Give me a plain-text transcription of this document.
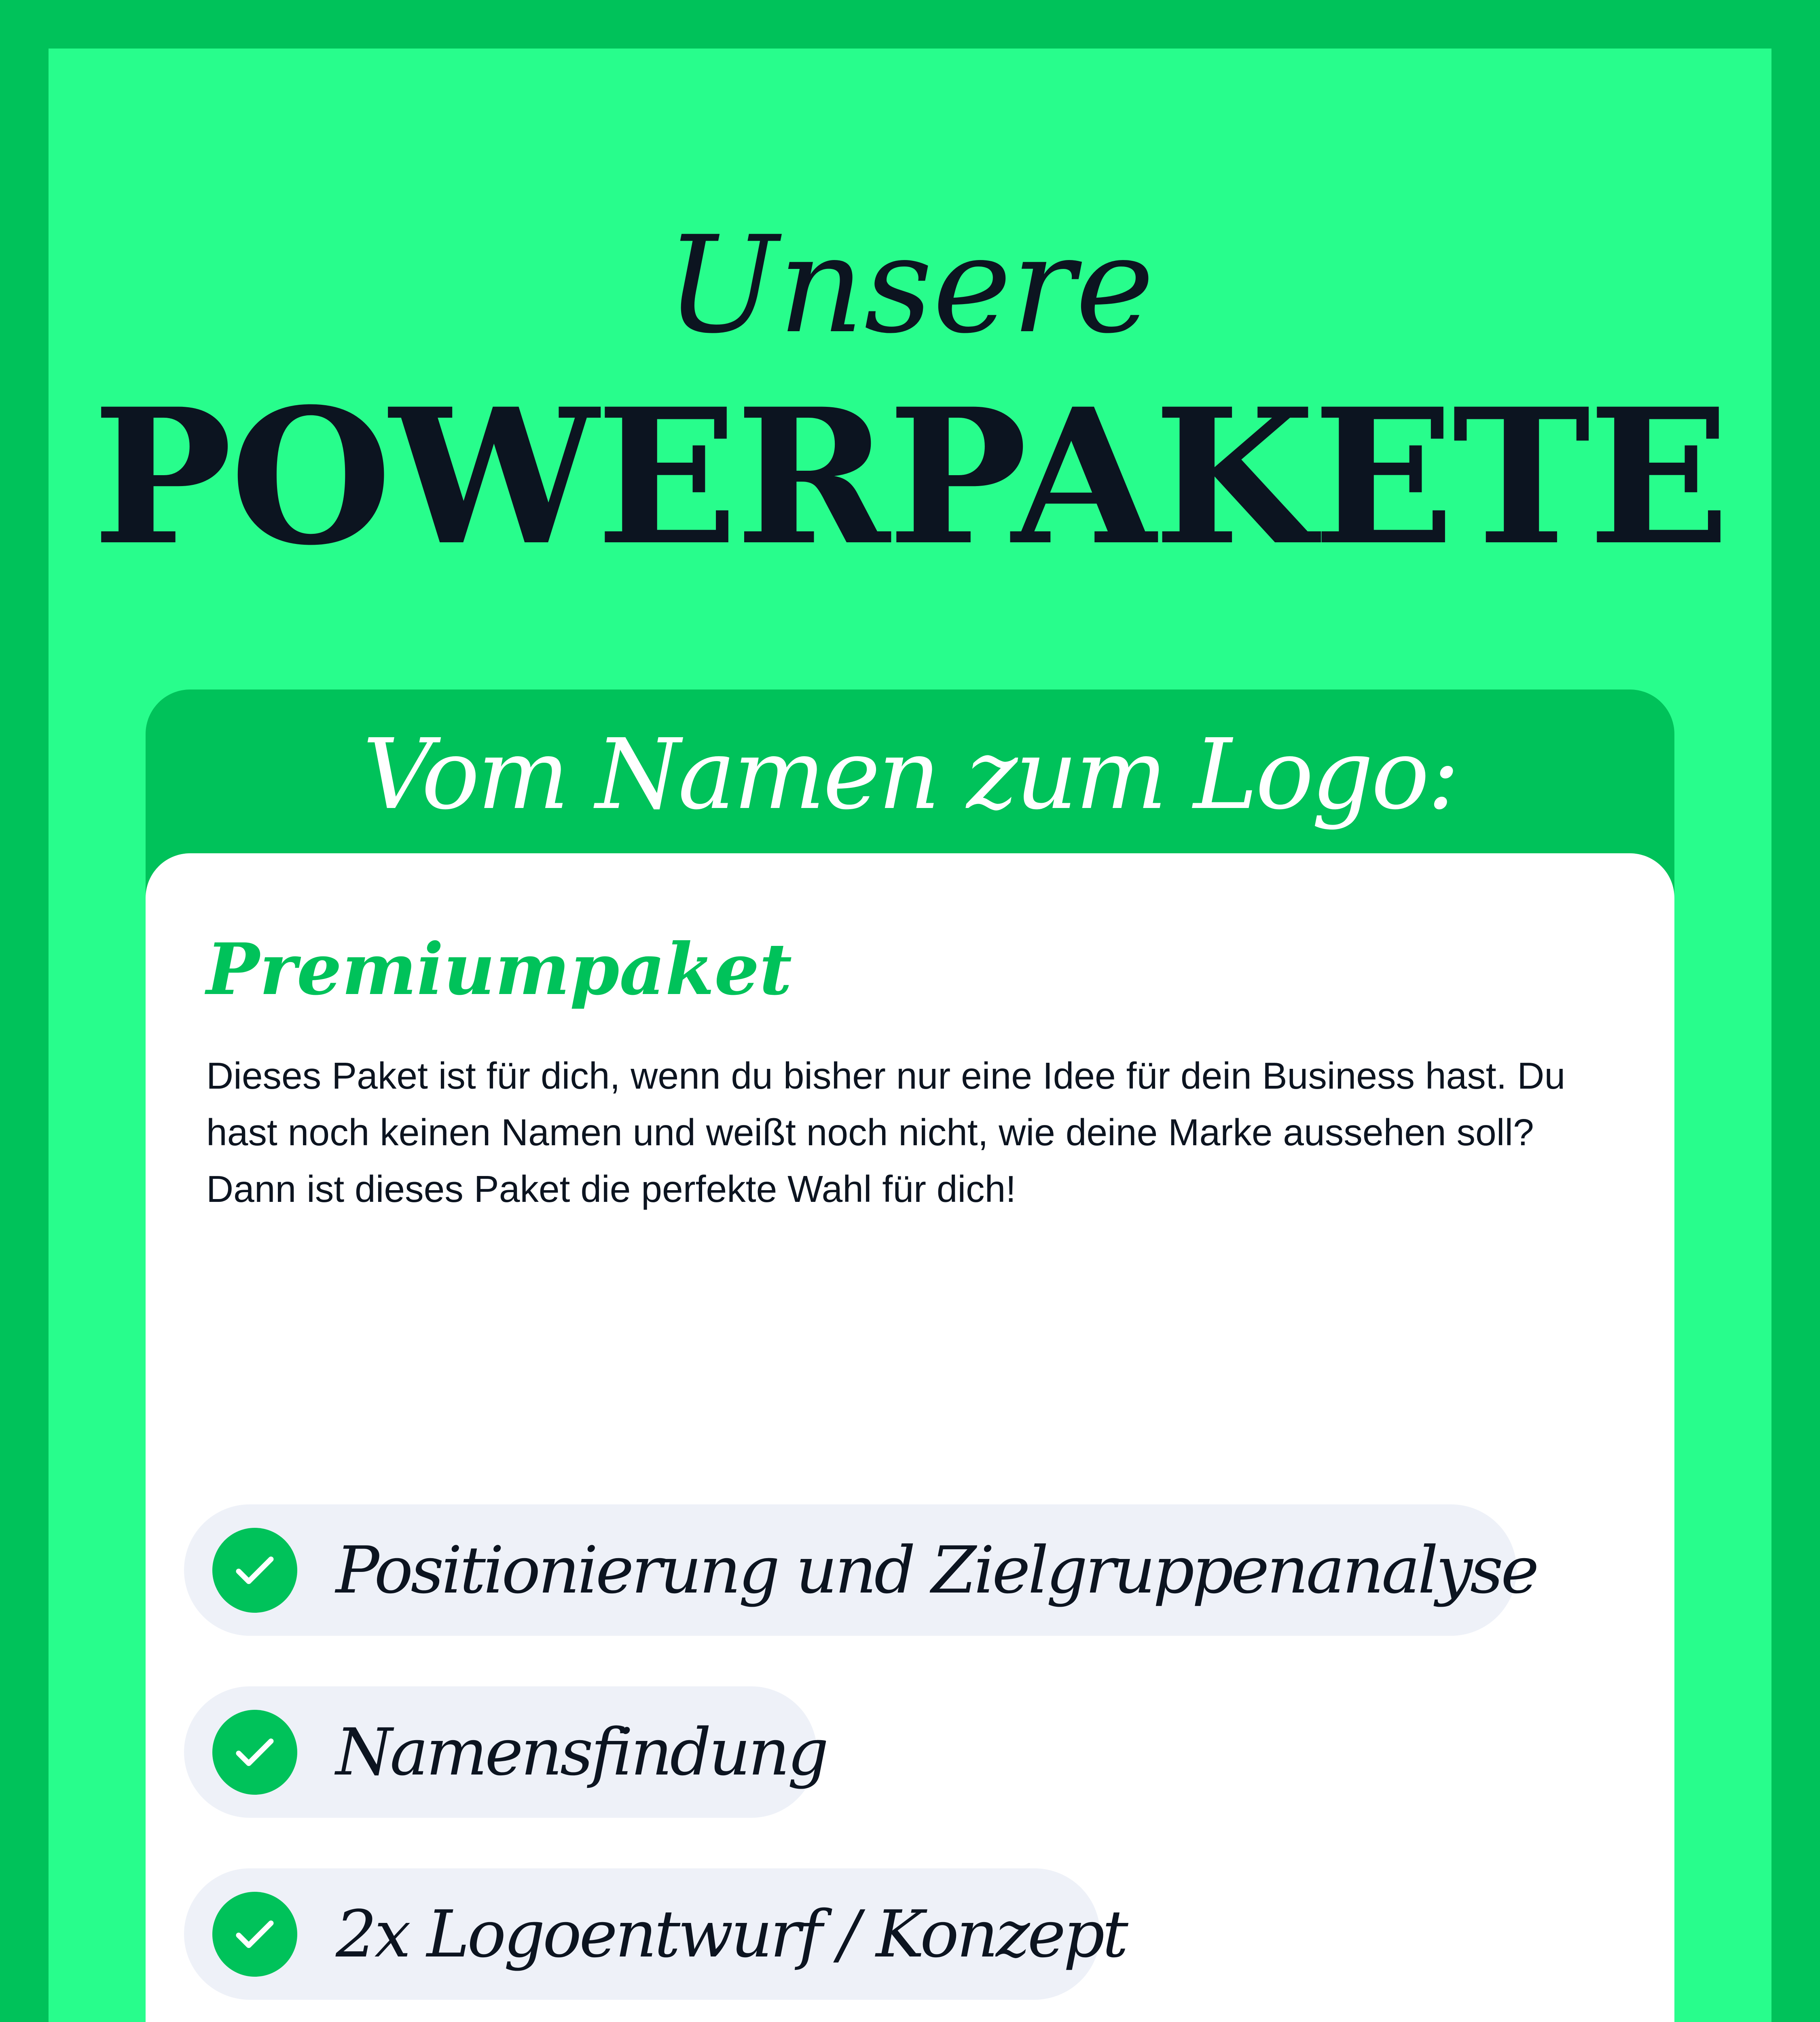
Unsere
POWERPAKETE
Vom Namen zum Logo:
Premiumpaket
Dieses Paket ist für dich, wenn du bisher nur eine Idee für dein Business hast. Du hast noch keinen Namen und weißt noch nicht, wie deine Marke aussehen soll? Dann ist dieses Paket die perfekte Wahl für dich!
Positionierung und Zielgruppenanalyse
Namensfindung
2x Logoentwurf / Konzept
